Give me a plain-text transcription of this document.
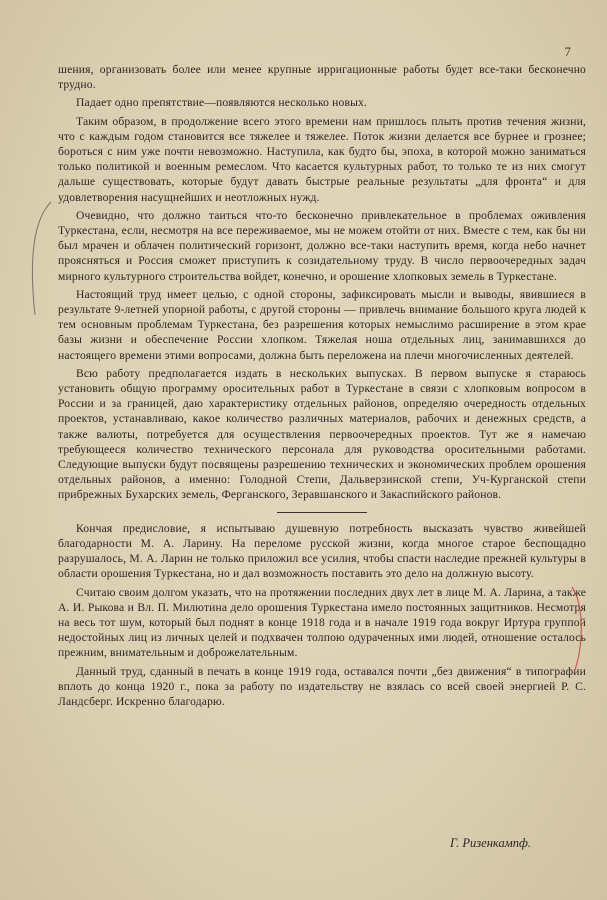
7

шения, организовать более или менее крупные ирригационные работы будет все-таки бесконечно трудно.

Падает одно препятствие—появляются несколько новых.

Таким образом, в продолжение всего этого времени нам пришлось плыть против течения жизни, что с каждым годом становится все тяжелее и тяжелее. Поток жизни делается все бурнее и грознее; бороться с ним уже почти невозможно. Наступила, как будто бы, эпоха, в которой можно заниматься только политикой и военным ремеслом. Что касается культурных работ, то только те из них смогут дальше существовать, которые будут давать быстрые реальные результаты „для фронта“ и для удовлетворения насущнейших и неотложных нужд.

Очевидно, что должно таиться что-то бесконечно привлекательное в проблемах оживления Туркестана, если, несмотря на все переживаемое, мы не можем отойти от них. Вместе с тем, как бы ни был мрачен и облачен политический горизонт, должно все-таки наступить время, когда небо начнет проясняться и Россия сможет приступить к созидательному труду. В число первоочередных задач мирного культурного строительства войдет, конечно, и орошение хлопковых земель в Туркестане.

Настоящий труд имеет целью, с одной стороны, зафиксировать мысли и выводы, явившиеся в результате 9-летней упорной работы, с другой стороны — привлечь внимание большого круга людей к тем основным проблемам Туркестана, без разрешения которых немыслимо расширение в этом крае базы жизни и обеспечение России хлопком. Тяжелая ноша отдельных лиц, занимавшихся до настоящего времени этими вопросами, должна быть переложена на плечи многочисленных деятелей.

Всю работу предполагается издать в нескольких выпусках. В первом выпуске я стараюсь установить общую программу оросительных работ в Туркестане в связи с хлопковым вопросом в России и за границей, даю характеристику отдельных районов, определяю очередность отдельных проектов, устанавливаю, какое количество различных материалов, рабочих и денежных средств, а также валюты, потребуется для осуществления первоочередных проектов. Тут же я намечаю требующееся количество технического персонала для руководства оросительными работами. Следующие выпуски будут посвящены разрешению технических и экономических проблем орошения отдельных районов, а именно: Голодной Степи, Дальверзинской степи, Уч-Курганской степи прибрежных Бухарских земель, Ферганского, Зеравшанского и Закаспийского районов.

Кончая предисловие, я испытываю душевную потребность высказать чувство живейшей благодарности М. А. Ларину. На переломе русской жизни, когда многое старое беспощадно разрушалось, М. А. Ларин не только приложил все усилия, чтобы спасти наследие прежней культуры в области орошения Туркестана, но и дал возможность поставить это дело на должную высоту.

Считаю своим долгом указать, что на протяжении последних двух лет в лице М. А. Ларина, а также А. И. Рыкова и Вл. П. Милютина дело орошения Туркестана имело постоянных защитников. Несмотря на весь тот шум, который был поднят в конце 1918 года и в начале 1919 года вокруг Иртура группой недостойных лиц из личных целей и подхвачен толпою одураченных ими людей, отношение осталось прежним, внимательным и доброжелательным.

Данный труд, сданный в печать в конце 1919 года, оставался почти „без движения“ в типографии вплоть до конца 1920 г., пока за работу по издательству не взялась со всей своей энергией Р. С. Ландсберг. Искренно благодарю.

Г. Ризенкампф.
